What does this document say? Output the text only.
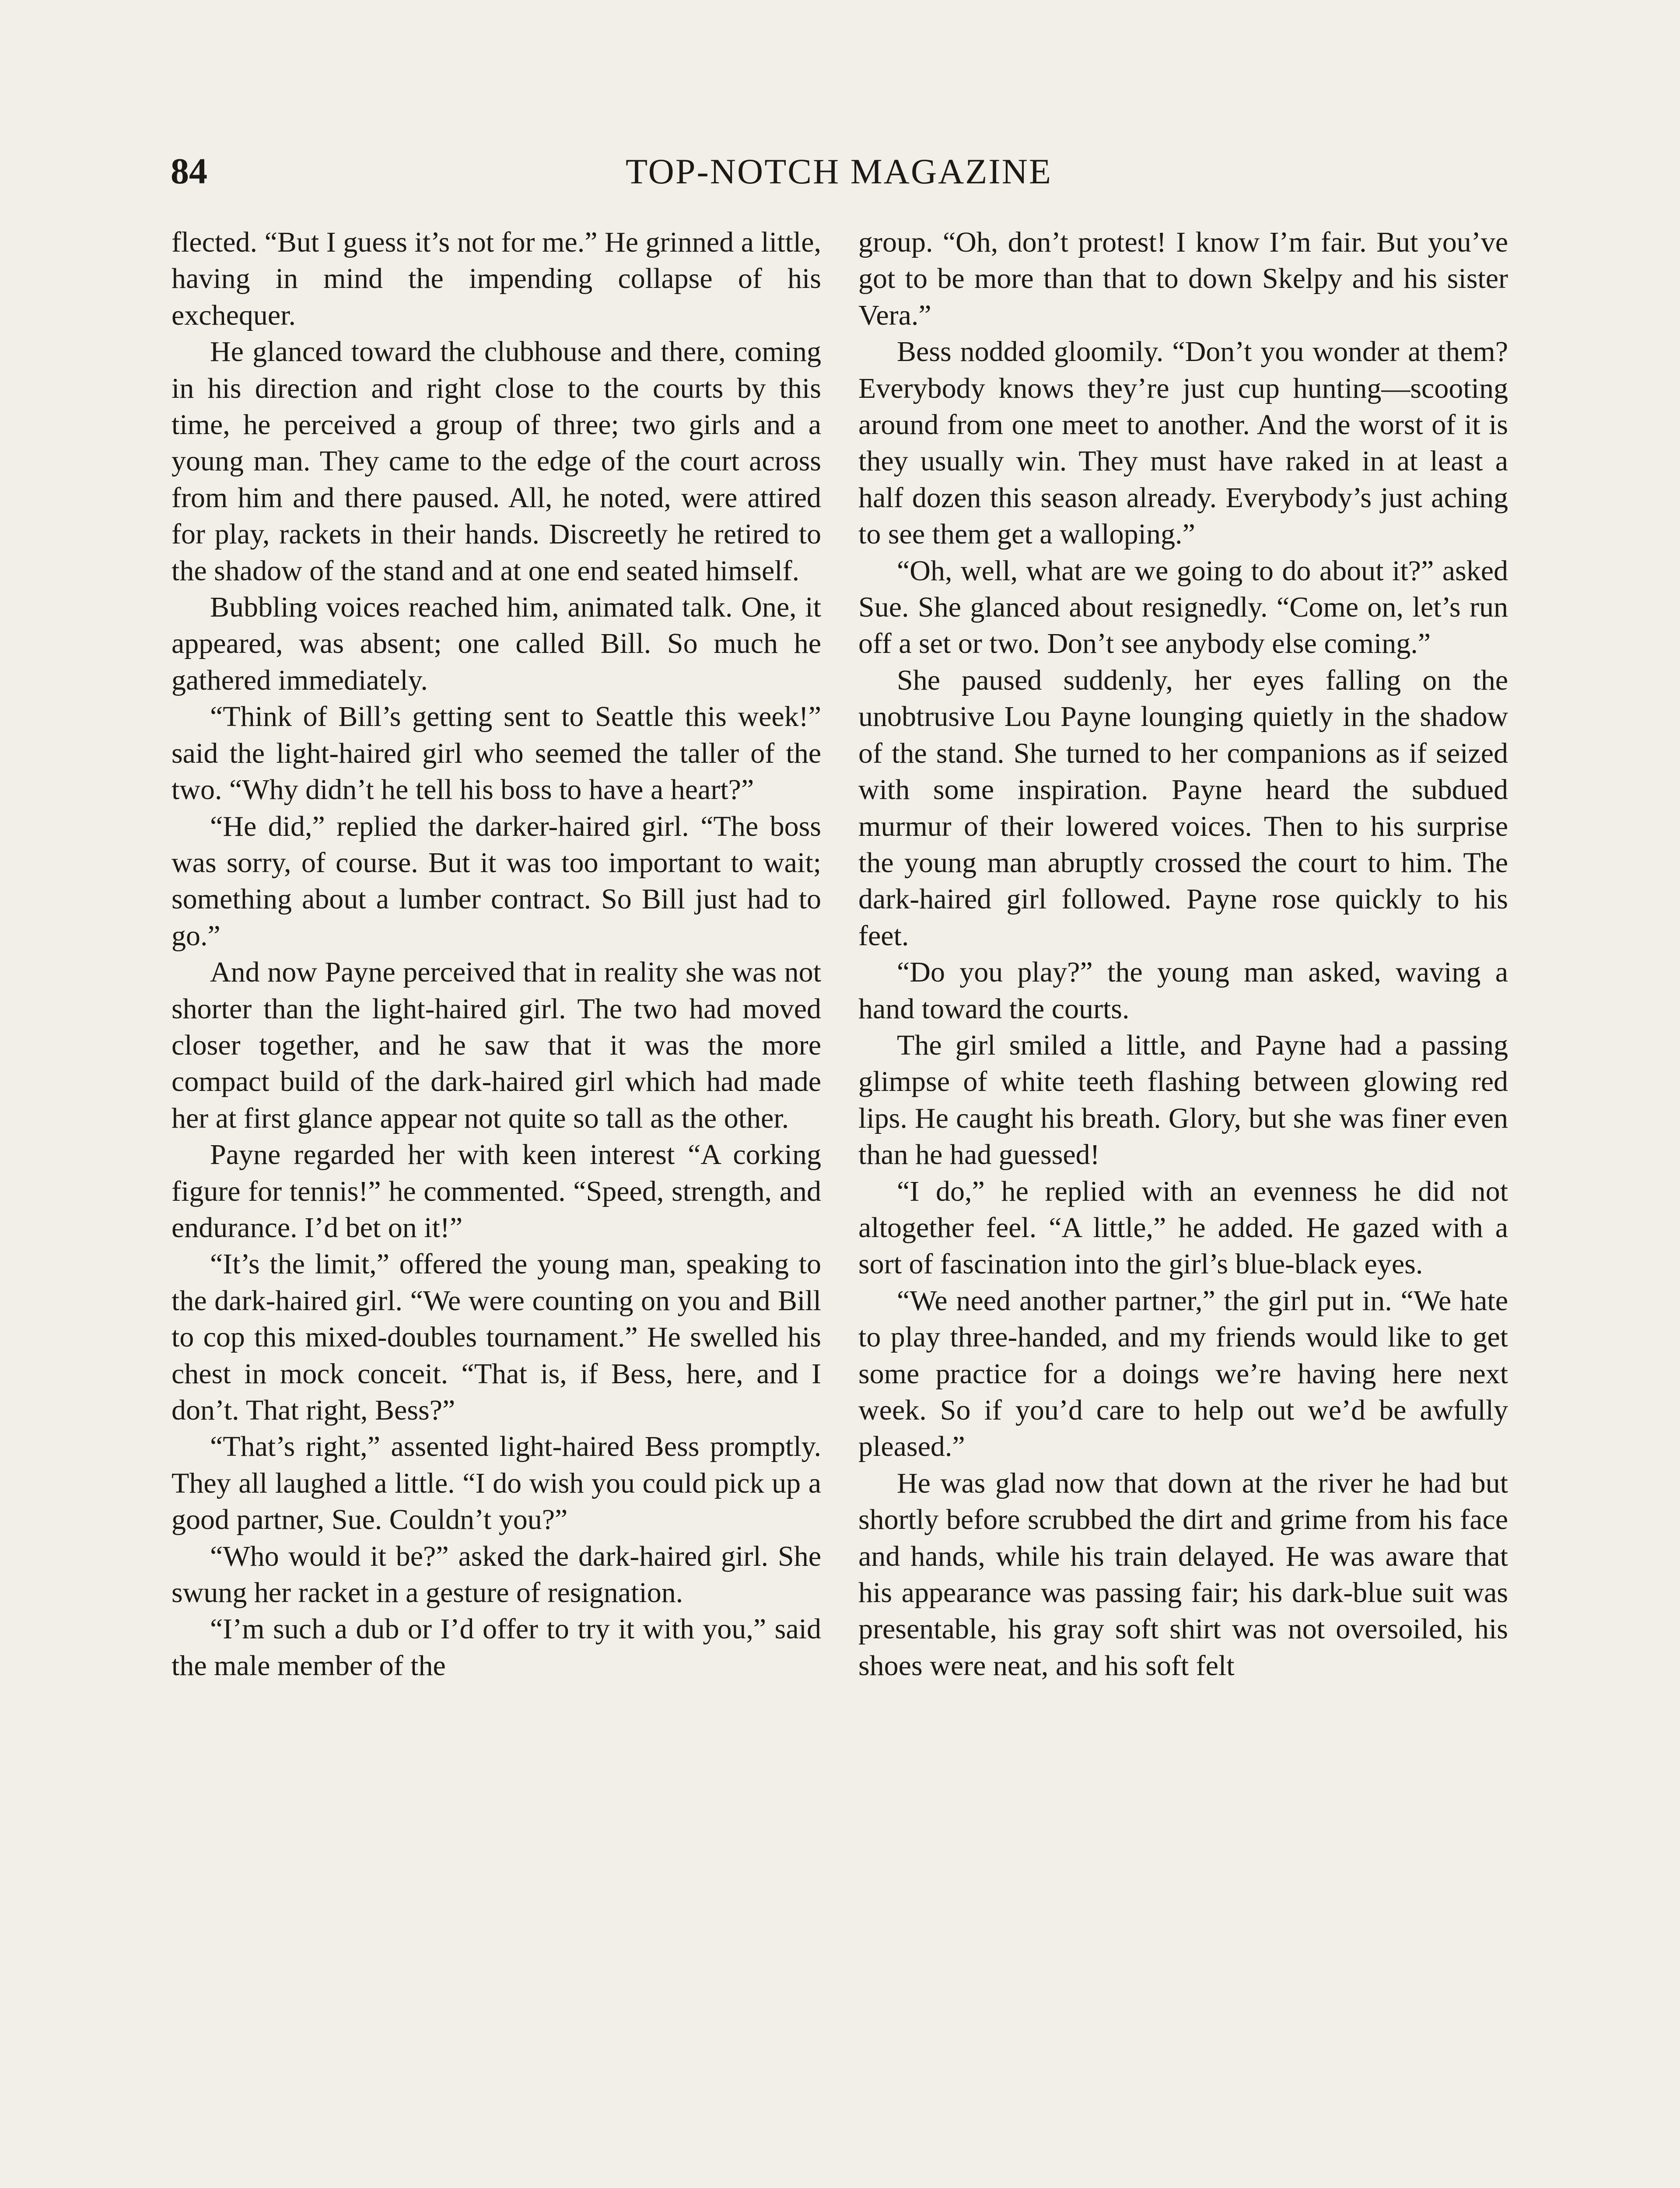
84	TOP-NOTCH MAGAZINE

flected. “But I guess it’s not for me.” He grinned a little, having in mind the impending collapse of his exchequer.

He glanced toward the clubhouse and there, coming in his direction and right close to the courts by this time, he perceived a group of three; two girls and a young man. They came to the edge of the court across from him and there paused. All, he noted, were attired for play, rackets in their hands. Discreetly he retired to the shadow of the stand and at one end seated himself.

Bubbling voices reached him, animated talk. One, it appeared, was absent; one called Bill. So much he gathered immediately.

“Think of Bill’s getting sent to Seattle this week!” said the light-haired girl who seemed the taller of the two. “Why didn’t he tell his boss to have a heart?”

“He did,” replied the darker-haired girl. “The boss was sorry, of course. But it was too important to wait; something about a lumber contract. So Bill just had to go.”

And now Payne perceived that in reality she was not shorter than the light-haired girl. The two had moved closer together, and he saw that it was the more compact build of the dark-haired girl which had made her at first glance appear not quite so tall as the other.

Payne regarded her with keen interest “A corking figure for tennis!” he commented. “Speed, strength, and endurance. I’d bet on it!”

“It’s the limit,” offered the young man, speaking to the dark-haired girl. “We were counting on you and Bill to cop this mixed-doubles tournament.” He swelled his chest in mock conceit. “That is, if Bess, here, and I don’t. That right, Bess?”

“That’s right,” assented light-haired Bess promptly. They all laughed a little. “I do wish you could pick up a good partner, Sue. Couldn’t you?”

“Who would it be?” asked the dark-haired girl. She swung her racket in a gesture of resignation.

“I’m such a dub or I’d offer to try it with you,” said the male member of the

group. “Oh, don’t protest! I know I’m fair. But you’ve got to be more than that to down Skelpy and his sister Vera.”

Bess nodded gloomily. “Don’t you wonder at them? Everybody knows they’re just cup hunting—scooting around from one meet to another. And the worst of it is they usually win. They must have raked in at least a half dozen this season already. Everybody’s just aching to see them get a walloping.”

“Oh, well, what are we going to do about it?” asked Sue. She glanced about resignedly. “Come on, let’s run off a set or two. Don’t see anybody else coming.”

She paused suddenly, her eyes falling on the unobtrusive Lou Payne lounging quietly in the shadow of the stand. She turned to her companions as if seized with some inspiration. Payne heard the subdued murmur of their lowered voices. Then to his surprise the young man abruptly crossed the court to him. The dark-haired girl followed. Payne rose quickly to his feet.

“Do you play?” the young man asked, waving a hand toward the courts.

The girl smiled a little, and Payne had a passing glimpse of white teeth flashing between glowing red lips. He caught his breath. Glory, but she was finer even than he had guessed!

“I do,” he replied with an evenness he did not altogether feel. “A little,” he added. He gazed with a sort of fascination into the girl’s blue-black eyes.

“We need another partner,” the girl put in. “We hate to play three-handed, and my friends would like to get some practice for a doings we’re having here next week. So if you’d care to help out we’d be awfully pleased.”

He was glad now that down at the river he had but shortly before scrubbed the dirt and grime from his face and hands, while his train delayed. He was aware that his appearance was passing fair; his dark-blue suit was presentable, his gray soft shirt was not oversoiled, his shoes were neat, and his soft felt
